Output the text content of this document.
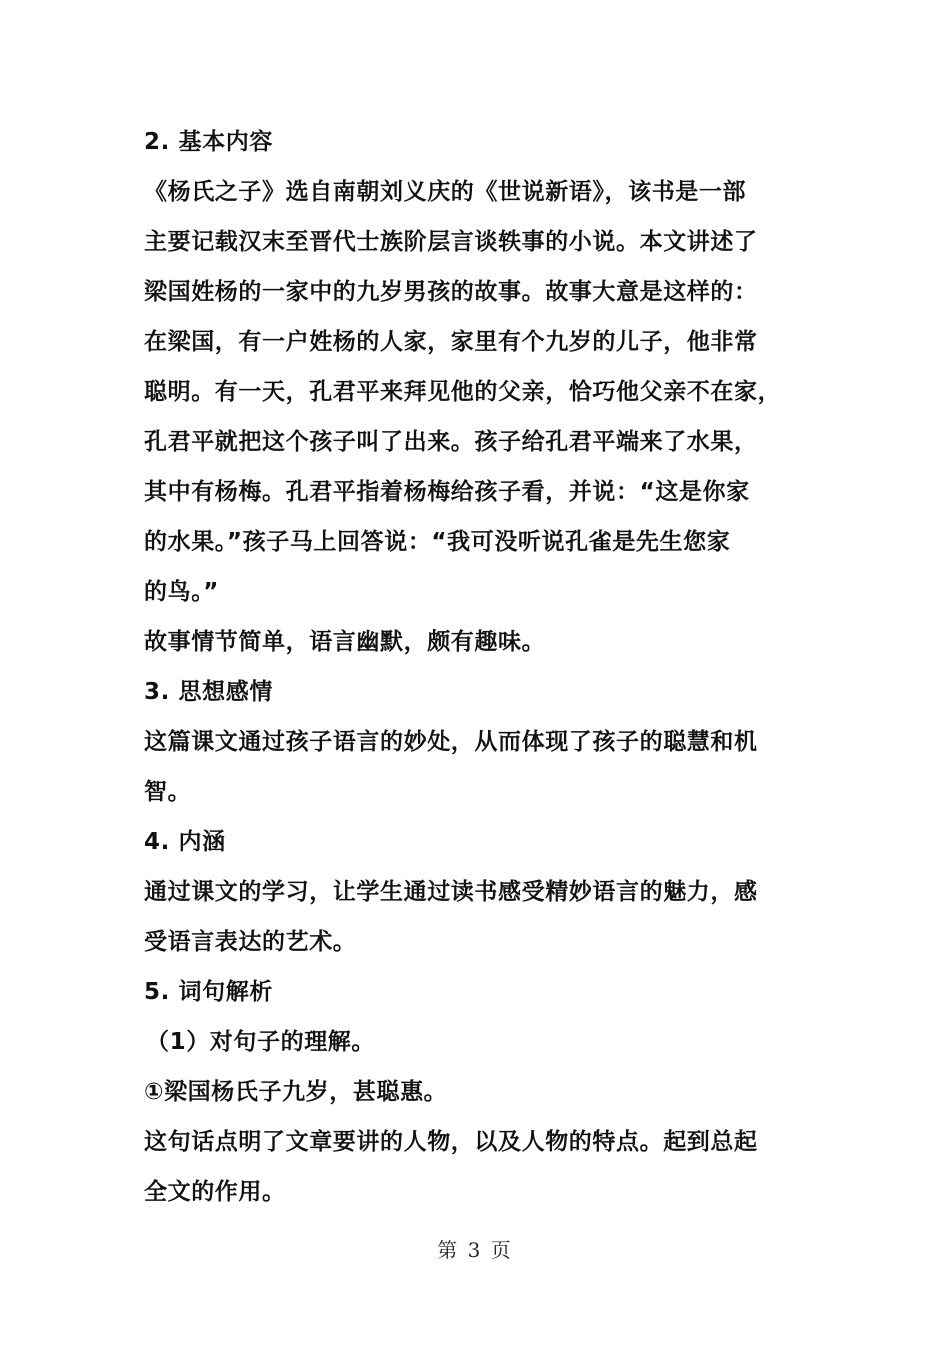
2. 基本内容
《杨氏之子》选自南朝刘义庆的《世说新语》，该书是一部
主要记载汉末至晋代士族阶层言谈轶事的小说。本文讲述了
梁国姓杨的一家中的九岁男孩的故事。故事大意是这样的：
在梁国，有一户姓杨的人家，家里有个九岁的儿子，他非常
聪明。有一天，孔君平来拜见他的父亲，恰巧他父亲不在家，
孔君平就把这个孩子叫了出来。孩子给孔君平端来了水果，
其中有杨梅。孔君平指着杨梅给孩子看，并说：“这是你家
的水果。”孩子马上回答说：“我可没听说孔雀是先生您家
的鸟。”
故事情节简单，语言幽默，颇有趣味。
3. 思想感情
这篇课文通过孩子语言的妙处，从而体现了孩子的聪慧和机
智。
4. 内涵
通过课文的学习，让学生通过读书感受精妙语言的魅力，感
受语言表达的艺术。
5. 词句解析
（1）对句子的理解。
①梁国杨氏子九岁，甚聪惠。
这句话点明了文章要讲的人物，以及人物的特点。起到总起
全文的作用。
第 3 页
